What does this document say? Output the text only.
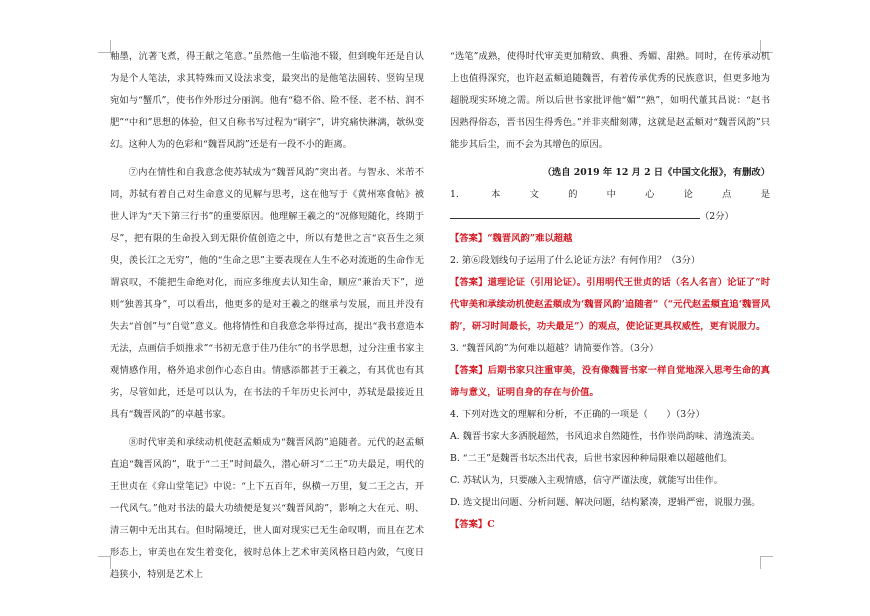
釉墨，沆著飞煮，得王献之笔意。”虽然他一生临池不辍，但到晚年还是自认为是个人笔法，求其特殊而又设法求变，最突出的是他笔法圆转、竖钩呈现宛如与“蟹爪”，使书作外形过分丽润。他有“稳不俗、险不怪、老不枯、润不肥”“中和”思想的体验，但又自称书写过程为“刷字”，讲究痛快淋漓，欹纵变幻。这种人为的色彩和“魏晋风韵”还是有一段不小的距离。

⑦内在情性和自我意念使苏轼成为“魏晋风韵”突出者。与智永、米芾不同，苏轼有着自己对生命意义的见解与思考，这在他写于《黄州寒食帖》被世人评为“天下第三行书”的重要原因。他理解王羲之的“况修短随化，终期于尽”，把有限的生命投入到无限价值创造之中，所以有楚世之言“哀吾生之须臾，羡长江之无穷”，他的“生命之思”主要表现在人生不必对流逝的生命作无谓哀叹，不能把生命绝对化，而应多维度去认知生命，顺应“兼治天下”，逆则“独善其身”，可以看出，他更多的是对王羲之的继承与发展，而且并没有失去“首创”与“自觉”意义。他将情性和自我意念举得过高，提出“我书意造本无法，点画信手烦推求”“书初无意于佳乃佳尔”的书学思想，过分注重书家主观情感作用，格外追求创作心态自由。情感添都甚于王羲之，有其优也有其劣，尽管如此，还是可以认为，在书法的千年历史长河中，苏轼是最接近且具有“魏晋风韵”的卓越书家。

⑧时代审美和承续动机使赵孟頫成为“魏晋风韵”追随者。元代的赵孟頫直追“魏晋风韵”，耽于“二王”时间最久，潜心研习“二王”功夫最足，明代的王世贞在《弇山堂笔记》中说：“上下五百年，纵横一万里，复二王之古，开一代风气。”他对书法的最大功绩便是复兴“魏晋风韵”，影响之大在元、明、清三朝中无出其右。但时隔境迁，世人面对现实已无生命叹喟，而且在艺术形态上，审美也在发生着变化，彼时总体上艺术审美风格日趋内敛，气度日趋狭小，特别是艺术上

“选笔”成熟，使得时代审美更加精致、典雅、秀媚、甜熟。同时，在传承动机上也值得深究，也许赵孟頫追随魏晋，有着传承优秀的民族意识，但更多地为超脱现实环境之需。所以后世书家批评他“媚”“熟”，如明代董其昌说：“赵书因熟得俗态，晋书因生得秀色。”并非夹酣刻薄，这就是赵孟頫对“魏晋风韵”只能步其后尘，而不会为其增色的原因。

（选自 2019 年 12 月 2 日《中国文化报》，有删改）

1. 本文的中心论点是（2分）

【答案】“魏晋风韵”难以超越

2. 第⑥段划线句子运用了什么论证方法？有何作用？（3分）

【答案】道理论证（引用论证）。引用明代王世贞的话（名人名言）论证了“时代审美和承续动机使赵孟頫成为‘魏晋风韵’追随者”（“元代赵孟頫直追‘魏晋风韵’，研习时间最长，功夫最足”）的观点，使论证更具权威性，更有说服力。

3. “魏晋风韵”为何难以超越？请简要作答。（3分）

【答案】后期书家只注重审美，没有像魏晋书家一样自觉地深入思考生命的真谛与意义，证明自身的存在与价值。

4. 下列对选文的理解和分析，不正确的一项是（　　）（3分）

A. 魏晋书家大多洒脱超然，书风追求自然随性，书作崇尚韵味、清逸流美。

B. “二王”是魏晋书坛杰出代表，后世书家因种种局限难以超越他们。

C. 苏轼认为，只要融入主观情感，信守严谨法度，就能写出佳作。

D. 选文提出问题、分析问题、解决问题，结构紧凑，逻辑严密，说服力强。

【答案】C
